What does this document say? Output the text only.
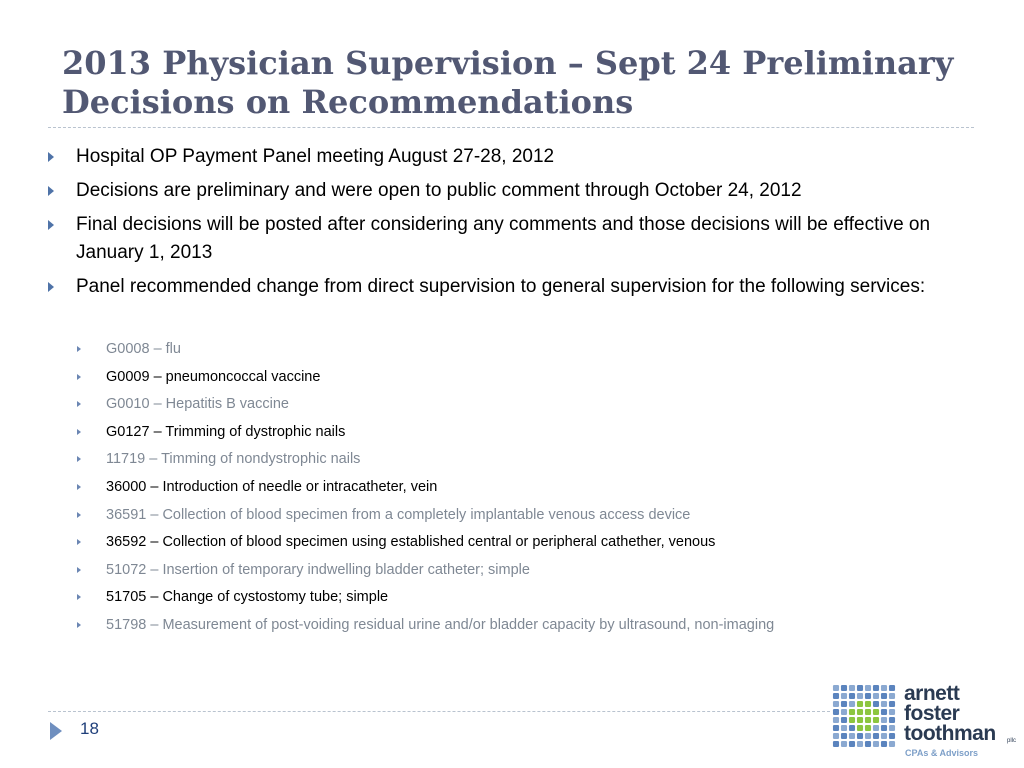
2013 Physician Supervision – Sept 24 Preliminary Decisions on Recommendations
Hospital OP Payment Panel meeting August 27-28, 2012
Decisions are preliminary and were open to public comment through October 24, 2012
Final decisions will be posted after considering any comments and those decisions will be effective on January 1, 2013
Panel recommended change from direct supervision to general supervision for the following services:
G0008 – flu
G0009 – pneumoncoccal vaccine
G0010 – Hepatitis B vaccine
G0127 – Trimming of dystrophic nails
11719 – Timming of nondystrophic nails
36000 – Introduction of needle or intracatheter, vein
36591 – Collection of blood specimen from a completely implantable venous access device
36592 – Collection of blood specimen using established central or peripheral cathether, venous
51072 – Insertion of temporary indwelling bladder catheter; simple
51705 – Change of cystostomy tube; simple
51798 – Measurement of post-voiding residual urine and/or bladder capacity by ultrasound, non-imaging
18
arnett
foster
toothman pllc
CPAs & Advisors
